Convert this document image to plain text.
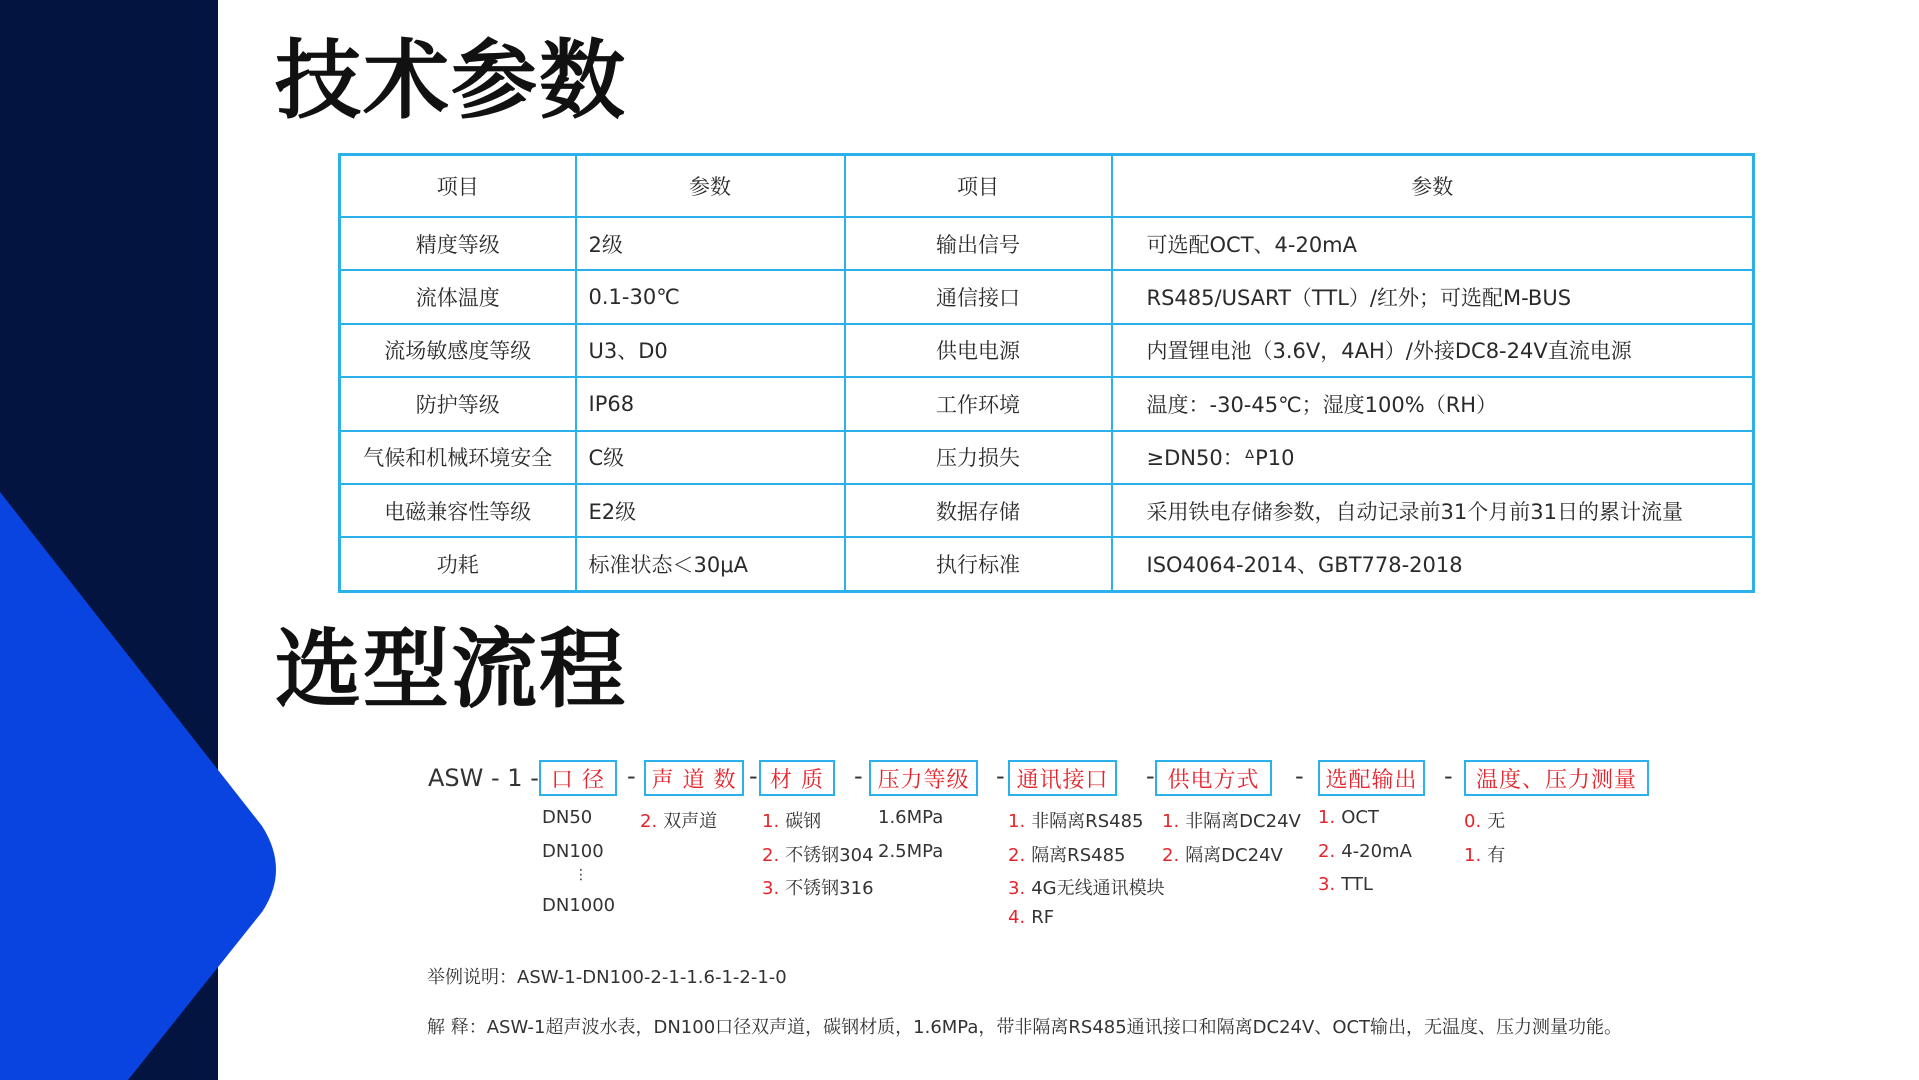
技术参数
项目	参数	项目	参数
精度等级	2级	输出信号	可选配OCT、4-20mA
流体温度	0.1-30℃	通信接口	RS485/USART（TTL）/红外；可选配M-BUS
流场敏感度等级	U3、D0	供电电源	内置锂电池（3.6V，4AH）/外接DC8-24V直流电源
防护等级	IP68	工作环境	温度：-30-45℃；湿度100%（RH）
气候和机械环境安全	C级	压力损失	≥DN50：ᐞP10
电磁兼容性等级	E2级	数据存储	采用铁电存储参数，自动记录前31个月前31日的累计流量
功耗	标准状态＜30μA	执行标准	ISO4064-2014、GBT778-2018
选型流程
ASW - 1 - 口 径	声 道 数	材 质	压力等级	通讯接口	供电方式	选配输出	温度、压力测量
-	-	-	-	-	-	-
DN50
DN100
DN1000
⋮
2. 双声道 1. 碳钢
2. 不锈钢304
3. 不锈钢316
1.6MPa
2.5MPa
1. 非隔离RS485
2. 隔离RS485
3. 4G无线通讯模块
4. RF
1. 非隔离DC24V
2. 隔离DC24V
1. OCT
2. 4-20mA
3. TTL
0. 无
1. 有
举例说明：ASW-1-DN100-2-1-1.6-1-2-1-0
解 释：ASW-1超声波水表，DN100口径双声道，碳钢材质，1.6MPa，带非隔离RS485通讯接口和隔离DC24V、OCT输出，无温度、压力测量功能。
